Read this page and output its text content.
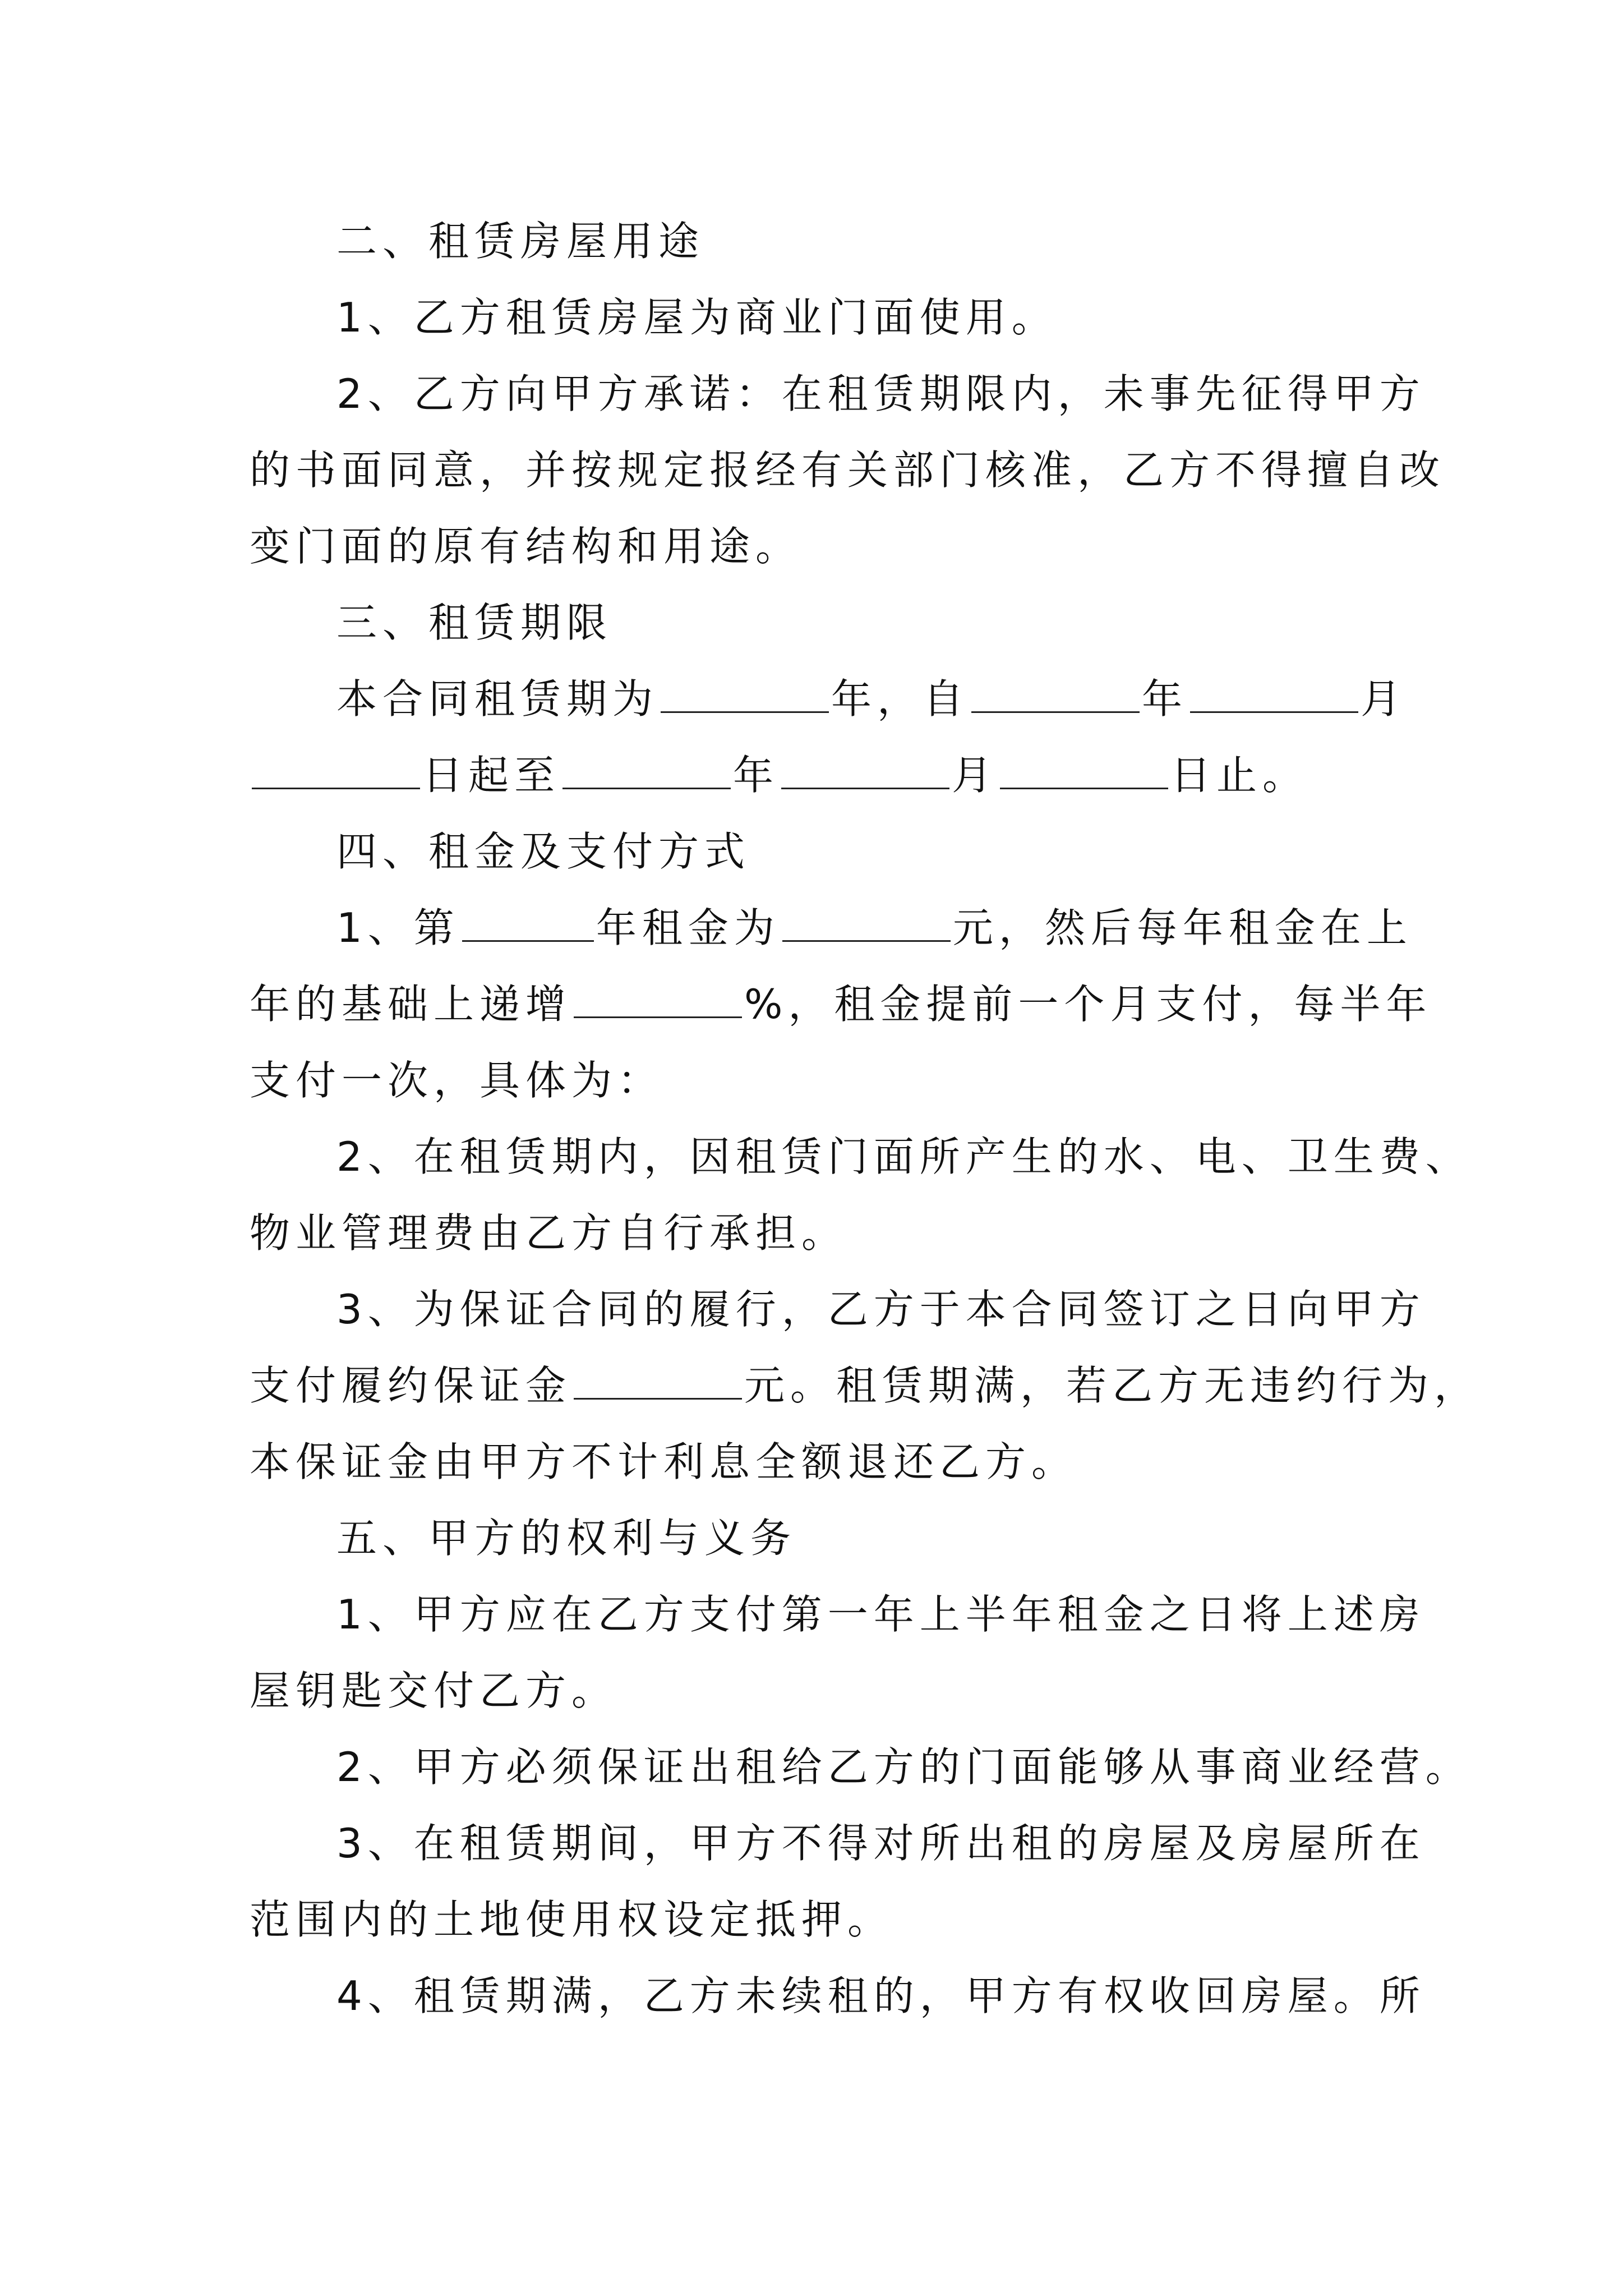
二、租赁房屋用途
1、乙方租赁房屋为商业门面使用。
2、乙方向甲方承诺：在租赁期限内，未事先征得甲方
的书面同意，并按规定报经有关部门核准，乙方不得擅自改
变门面的原有结构和用途。
三、租赁期限
本合同租赁期为	年，自	年	月
日起至	年	月	日止。
四、租金及支付方式
1、第	年租金为	元，然后每年租金在上
年的基础上递增	%，租金提前一个月支付，每半年
支付一次，具体为：
2、在租赁期内，因租赁门面所产生的水、电、卫生费、
物业管理费由乙方自行承担。
3、为保证合同的履行，乙方于本合同签订之日向甲方
支付履约保证金	元。租赁期满，若乙方无违约行为，
本保证金由甲方不计利息全额退还乙方。
五、甲方的权利与义务
1、甲方应在乙方支付第一年上半年租金之日将上述房
屋钥匙交付乙方。
2、甲方必须保证出租给乙方的门面能够从事商业经营。
3、在租赁期间，甲方不得对所出租的房屋及房屋所在
范围内的土地使用权设定抵押。
4、租赁期满，乙方未续租的，甲方有权收回房屋。所
